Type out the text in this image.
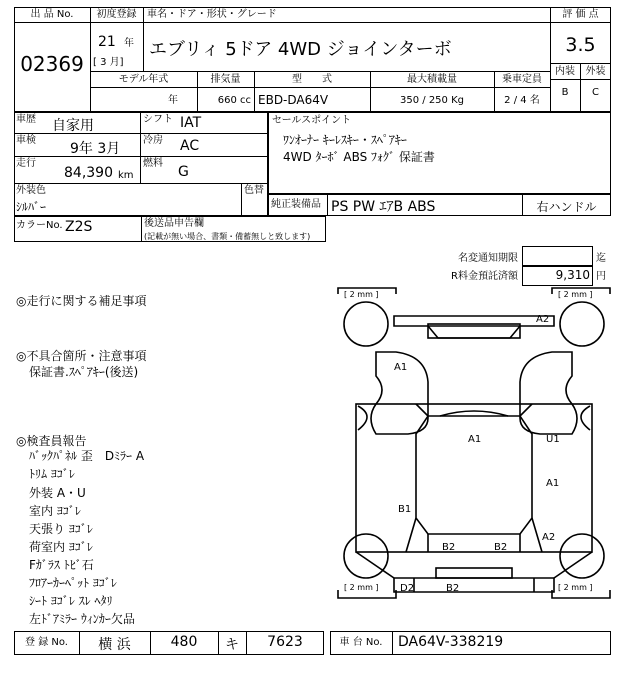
出 品 No.
02369
初度登録
21 年
[ 3 月]
車名・ドア・形状・グレード
エブリィ 5ドア 4WD ジョインターボ
モデル年式
年
排気量
660 cc
型　　式
EBD-DA64V
最大積載量
350 / 250 Kg
乗車定員
2 / 4 名
評 価 点
3.5
内装	外装
B	C
車歴 自家用	シフト IAT
車検
9年 3月
冷房 AC
走行
84,390 km
燃料
G
外装色
ｼﾙﾊﾞｰ
色替
セールスポイント
ﾜﾝｵｰﾅｰ ｷｰﾚｽｷｰ・ｽﾍﾟｱｷｰ
4WD ﾀｰﾎﾞ ABS ﾌｫｸﾞ 保証書
純正装備品 PS PW ｴｱB ABS	右ハンドル
カラーNo. Z2S	後送品申告欄
(記載が無い場合、書類・備蓄無しと致します)
名変通知期限	迄
R料金預託済額	9,310 円
◎走行に関する補足事項
◎不具合箇所・注意事項
保証書.ｽﾍﾟｱｷｰ(後送)
◎検査員報告
ﾊﾞｯｸﾊﾟﾈﾙ 歪　Dﾐﾗｰ A
ﾄﾘﾑ ﾖｺﾞﾚ
外装 A・U
室内 ﾖｺﾞﾚ
天張り ﾖｺﾞﾚ
荷室内 ﾖｺﾞﾚ
Fｶﾞﾗｽ ﾄﾋﾞ石
ﾌﾛｱｰｶｰﾍﾟｯﾄ ﾖｺﾞﾚ
ｼｰﾄ ﾖｺﾞﾚ ｽﾚ ﾍﾀﾘ
左ﾄﾞｱﾐﾗｰ ｳｨﾝｶｰ欠品
[ 2 mm ]	[ 2 mm ]
[ 2 mm ]	[ 2 mm ]
A2
A1
A1	U1
A1
B1
B2	B2
A2
D2	B2
登 録 No.	横 浜	480	キ	7623	車 台 No.	DA64V-338219
